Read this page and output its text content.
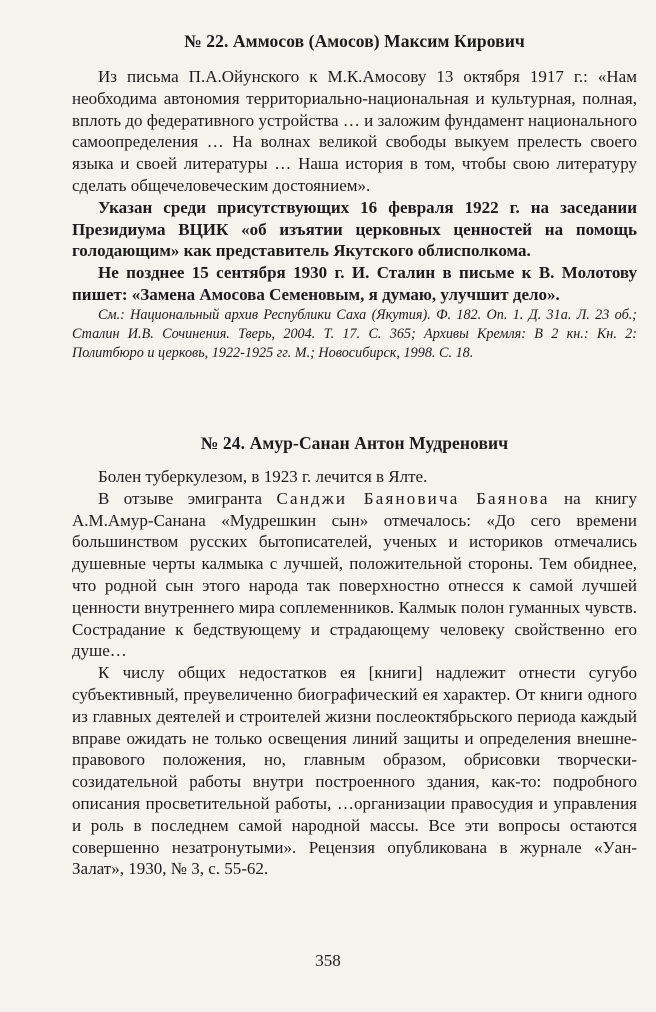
№ 22. Аммосов (Амосов) Максим Кирович

Из письма П.А.Ойунского к М.К.Амосову 13 октября 1917 г.: «Нам необходима автономия территориально-национальная и культурная, полная, вплоть до федеративного устройства … и заложим фундамент национального самоопределения … На волнах великой свободы выкуем прелесть своего языка и своей литературы … Наша история в том, чтобы свою литературу сделать общечеловеческим достоянием».

Указан среди присутствующих 16 февраля 1922 г. на заседании Президиума ВЦИК «об изъятии церковных ценностей на помощь голодающим» как представитель Якутского облисполкома.

Не позднее 15 сентября 1930 г. И. Сталин в письме к В. Молотову пишет: «Замена Амосова Семеновым, я думаю, улучшит дело».

См.: Национальный архив Республики Саха (Якутия). Ф. 182. Оп. 1. Д. 31а. Л. 23 об.; Сталин И.В. Сочинения. Тверь, 2004. Т. 17. С. 365; Архивы Кремля: В 2 кн.: Кн. 2: Политбюро и церковь, 1922-1925 гг. М.; Новосибирск, 1998. С. 18.

№ 24. Амур-Санан Антон Мудренович

Болен туберкулезом, в 1923 г. лечится в Ялте.

В отзыве эмигранта Санджи Баяновича Баянова на книгу А.М.Амур-Санана «Мудрешкин сын» отмечалось: «До сего времени большинством русских бытописателей, ученых и историков отмечались душевные черты калмыка с лучшей, положительной стороны. Тем обиднее, что родной сын этого народа так поверхностно отнесся к самой лучшей ценности внутреннего мира соплеменников. Калмык полон гуманных чувств. Сострадание к бедствующему и страдающему человеку свойственно его душе…

К числу общих недостатков ея [книги] надлежит отнести сугубо субъективный, преувеличенно биографический ея характер. От книги одного из главных деятелей и строителей жизни послеоктябрьского периода каждый вправе ожидать не только освещения линий защиты и определения внешне-правового положения, но, главным образом, обрисовки творчески-созидательной работы внутри построенного здания, как-то: подробного описания просветительной работы, …организации правосудия и управления и роль в последнем самой народной массы. Все эти вопросы остаются совершенно незатронутыми». Рецензия опубликована в журнале «Уан-Залат», 1930, № 3, с. 55-62.

358
